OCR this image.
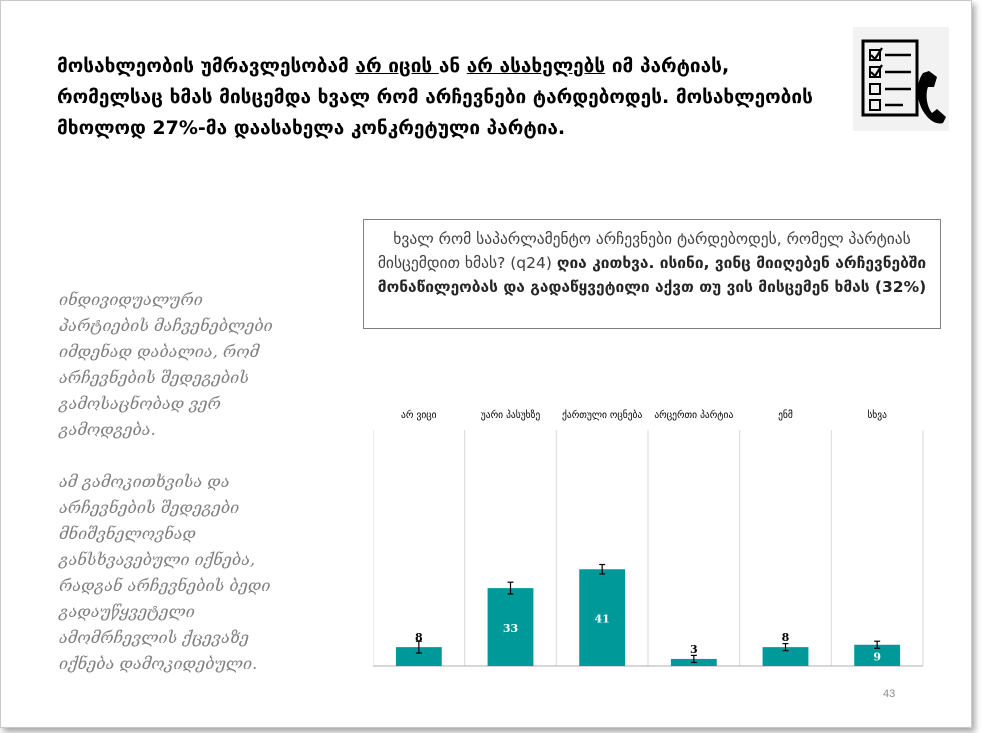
მოსახლეობის უმრავლესობამ არ იცის ან არ ასახელებს იმ პარტიას, რომელსაც ხმას მისცემდა ხვალ რომ არჩევნები ტარდებოდეს. მოსახლეობის მხოლოდ 27%-მა დაასახელა კონკრეტული პარტია.

ინდივიდუალური
პარტიების მაჩვენებლები
იმდენად დაბალია, რომ
არჩევნების შედეგების
გამოსაცნობად ვერ
გამოდგება.

ამ გამოკითხვისა და
არჩევნების შედეგები
მნიშვნელოვნად
განსხვავებული იქნება,
რადგან არჩევნების ბედი
გადაუწყვეტელი
ამომრჩევლის ქცევაზე
იქნება დამოკიდებული.

ხვალ რომ საპარლამენტო არჩევნები ტარდებოდეს, რომელ პარტიას მისცემდით ხმას? (q24) ღია კითხვა. ისინი, ვინც მიიღებენ არჩევნებში მონაწილეობას და გადაწყვეტილი აქვთ თუ ვის მისცემენ ხმას (32%)
8
არ ვიცი
33
უარი პასუხზე
41
ქართული ოცნება
3
არცერთი პარტია
8
ენმ
9
სხვა
43
